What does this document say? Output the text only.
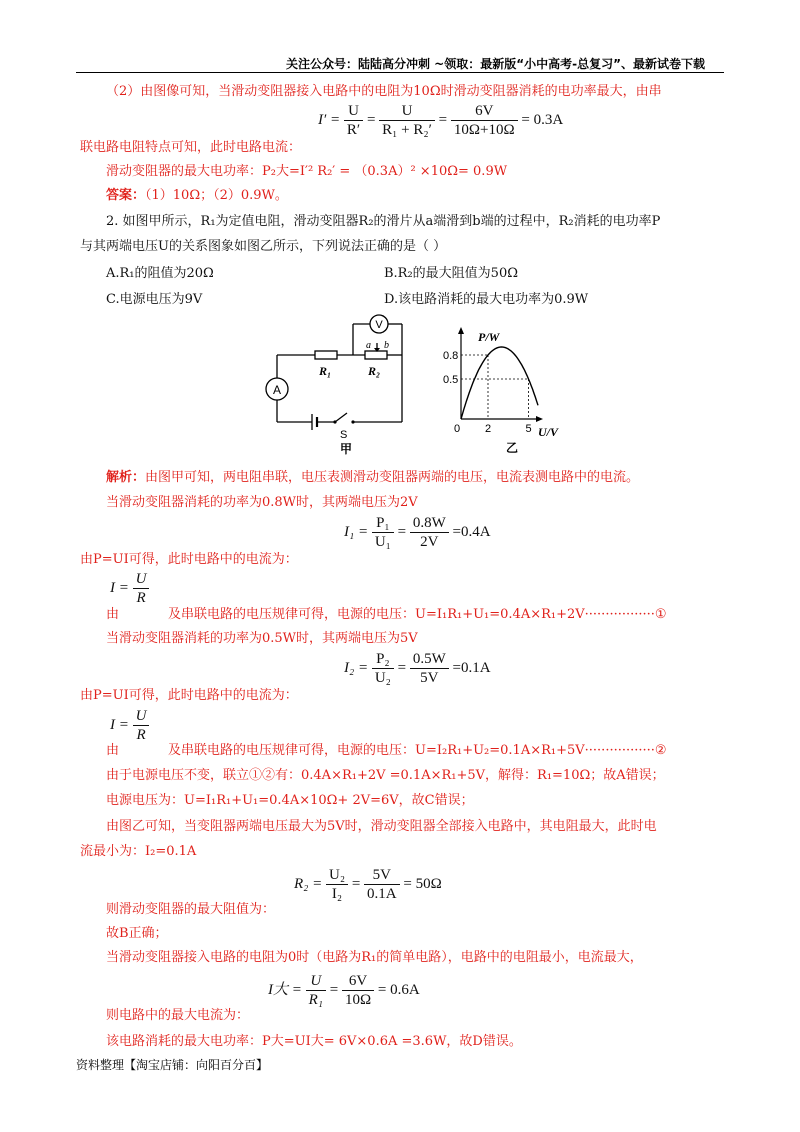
关注公众号：陆陆高分冲刺 ~领取：最新版“小中高考-总复习”、最新试卷下载
（2）由图像可知，当滑动变阻器接入电路中的电阻为10Ω时滑动变阻器消耗的电功率最大，由串
$I' = \frac{U}{R'} = \frac{U}{\text{R₁ + R₂′}} = \frac{6V}{10\Omega+10\Omega} = 0.3A$
联电路电阻特点可知，此时电路电流：
滑动变阻器的最大电功率：P₂大=I′² R₂′ = （0.3A）² ×10Ω= 0.9W
答案：（1）10Ω；（2）0.9W。
2. 如图甲所示，R₁为定值电阻，滑动变阻器R₂的滑片从a端滑到b端的过程中，R₂消耗的电功率P
与其两端电压U的关系图象如图乙所示，下列说法正确的是（ ）
A.R₁的阻值为20Ω	B.R₂的最大阻值为50Ω
C.电源电压为9V	D.该电路消耗的最大电功率为0.9W
A
V
a b
R₁	R₂
S
甲
P/W
U/V
0.8
0.5
0 2	5
乙
解析：由图甲可知，两电阻串联，电压表测滑动变阻器两端的电压，电流表测电路中的电流。
当滑动变阻器消耗的功率为0.8W时，其两端电压为2V
$I_1 = \frac{\text{P₁}}{\text{U₁}} = \frac{0.8W}{2V} =0.4A$
由P=UI可得，此时电路中的电流为：
$I = \frac{U}{R}$
由	及串联电路的电压规律可得，电源的电压：U=I₁R₁+U₁=0.4A×R₁+2V·················①
当滑动变阻器消耗的功率为0.5W时，其两端电压为5V
$I_2 = \frac{\text{P₂}}{\text{U₂}} = \frac{0.5W}{5V} =0.1A$
由P=UI可得，此时电路中的电流为：
$I = \frac{U}{R}$
由	及串联电路的电压规律可得，电源的电压：U=I₂R₁+U₂=0.1A×R₁+5V·················②
由于电源电压不变，联立①②有：0.4A×R₁+2V =0.1A×R₁+5V，解得：R₁=10Ω；故A错误；
电源电压为：U=I₁R₁+U₁=0.4A×10Ω+ 2V=6V，故C错误；
由图乙可知，当变阻器两端电压最大为5V时，滑动变阻器全部接入电路中，其电阻最大，此时电
流最小为：I₂=0.1A
$R_2 = \frac{\text{U₂}}{\text{I₂}} = \frac{5V}{0.1A} = 50\Omega$
则滑动变阻器的最大阻值为：
故B正确；
当滑动变阻器接入电路的电阻为0时（电路为R₁的简单电路），电路中的电阻最小，电流最大，
I大 = $\frac{U}{\text{R₁}} = \frac{6V}{10\Omega} = 0.6A$
则电路中的最大电流为：
该电路消耗的最大电功率：P大=UI大= 6V×0.6A =3.6W，故D错误。
资料整理【淘宝店铺：向阳百分百】
